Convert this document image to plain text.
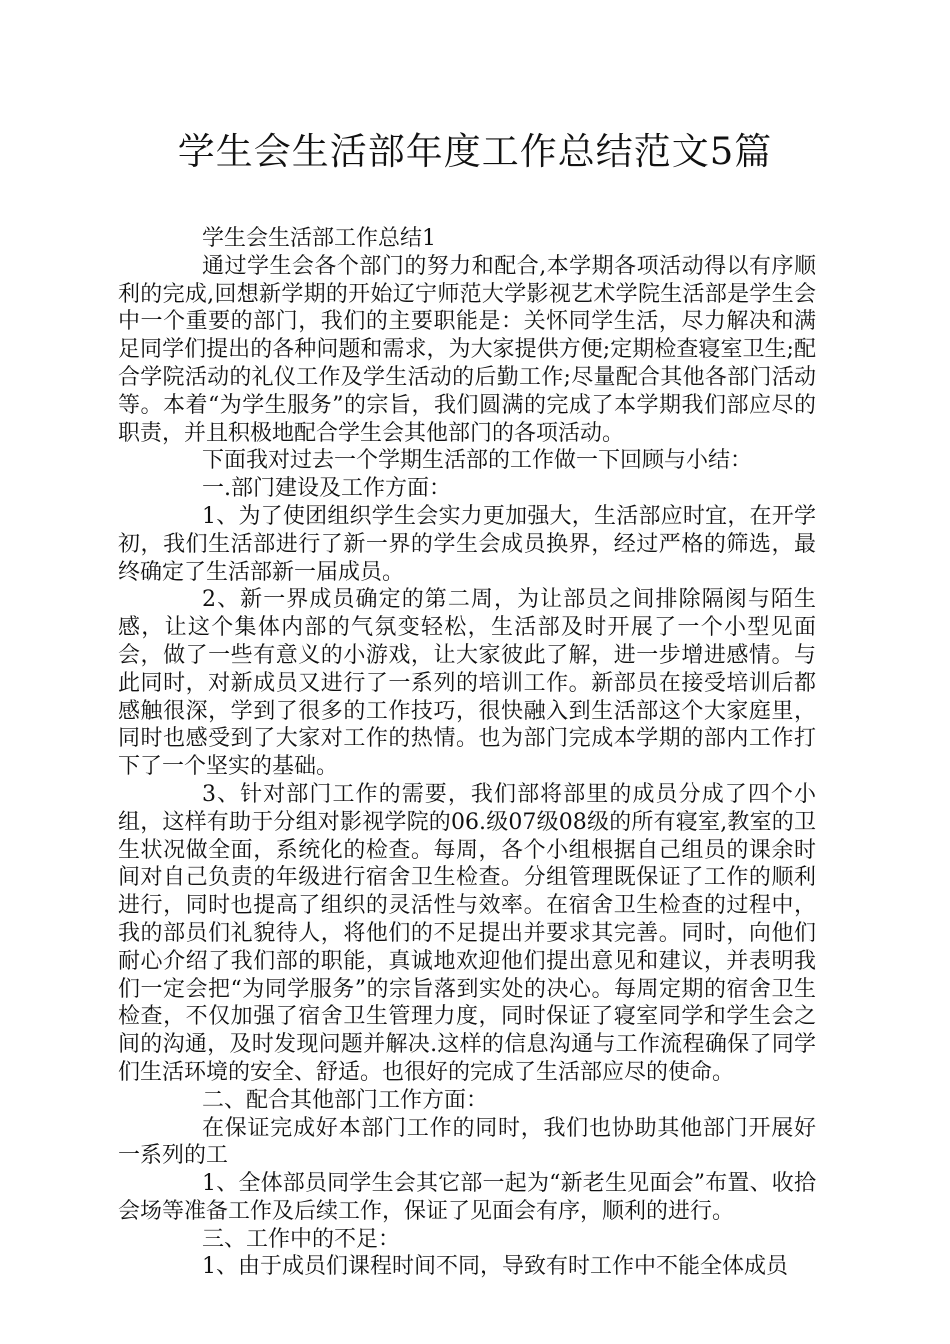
学生会生活部年度工作总结范文5篇

学生会生活部工作总结1

通过学生会各个部门的努力和配合,本学期各项活动得以有序顺利的完成,回想新学期的开始辽宁师范大学影视艺术学院生活部是学生会中一个重要的部门，我们的主要职能是：关怀同学生活，尽力解决和满足同学们提出的各种问题和需求，为大家提供方便;定期检查寝室卫生;配合学院活动的礼仪工作及学生活动的后勤工作;尽量配合其他各部门活动等。本着“为学生服务”的宗旨，我们圆满的完成了本学期我们部应尽的职责，并且积极地配合学生会其他部门的各项活动。

下面我对过去一个学期生活部的工作做一下回顾与小结：

一.部门建设及工作方面：

1、为了使团组织学生会实力更加强大，生活部应时宜，在开学初，我们生活部进行了新一界的学生会成员换界，经过严格的筛选，最终确定了生活部新一届成员。

2、新一界成员确定的第二周，为让部员之间排除隔阂与陌生感，让这个集体内部的气氛变轻松，生活部及时开展了一个小型见面会，做了一些有意义的小游戏，让大家彼此了解，进一步增进感情。与此同时，对新成员又进行了一系列的培训工作。新部员在接受培训后都感触很深，学到了很多的工作技巧，很快融入到生活部这个大家庭里，同时也感受到了大家对工作的热情。也为部门完成本学期的部内工作打下了一个坚实的基础。

3、针对部门工作的需要，我们部将部里的成员分成了四个小组，这样有助于分组对影视学院的06.级07级08级的所有寝室,教室的卫生状况做全面，系统化的检查。每周，各个小组根据自己组员的课余时间对自己负责的年级进行宿舍卫生检查。分组管理既保证了工作的顺利进行，同时也提高了组织的灵活性与效率。在宿舍卫生检查的过程中，我的部员们礼貌待人，将他们的不足提出并要求其完善。同时，向他们耐心介绍了我们部的职能，真诚地欢迎他们提出意见和建议，并表明我们一定会把“为同学服务”的宗旨落到实处的决心。每周定期的宿舍卫生检查，不仅加强了宿舍卫生管理力度，同时保证了寝室同学和学生会之间的沟通，及时发现问题并解决.这样的信息沟通与工作流程确保了同学们生活环境的安全、舒适。也很好的完成了生活部应尽的使命。

二、配合其他部门工作方面：

在保证完成好本部门工作的同时，我们也协助其他部门开展好一系列的工

1、全体部员同学生会其它部一起为“新老生见面会”布置、收拾会场等准备工作及后续工作，保证了见面会有序，顺利的进行。

三、工作中的不足：

1、由于成员们课程时间不同，导致有时工作中不能全体成员
